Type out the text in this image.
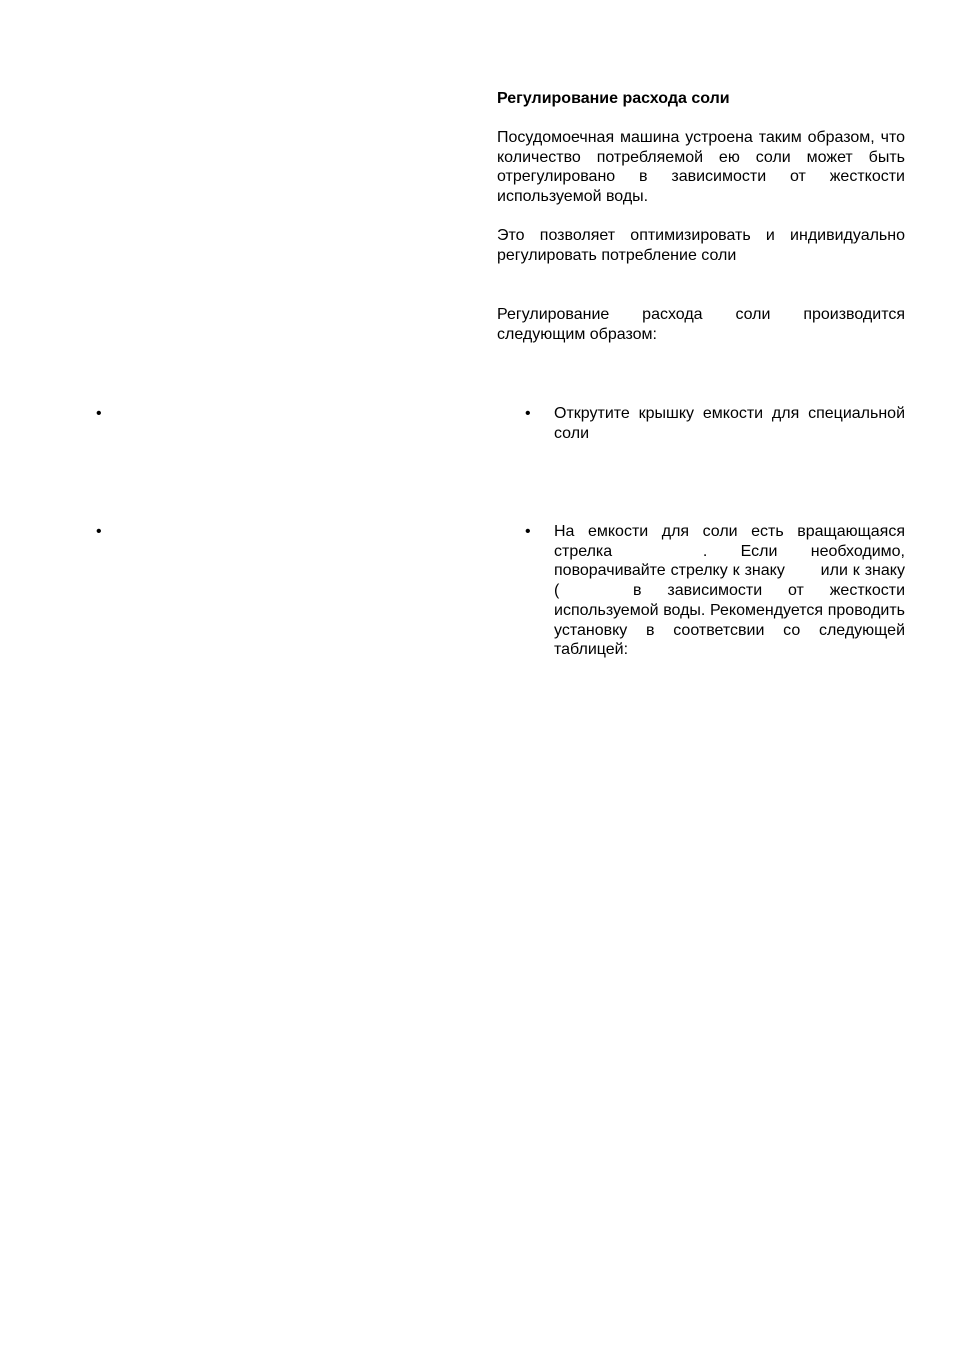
Регулирование расхода соли

Посудомоечная машина устроена таким образом, что количество потребляемой ею соли может быть отрегулировано в зависимости от жесткости используемой воды.

Это позволяет оптимизировать и индивидуально регулировать потребление соли

Регулирование расхода соли производится следующим образом:

•
•
•	Открутите крышку емкости для специальной соли

•	На емкости для соли есть вращающаяся стрелка	. Если необходимо, поворачивайте стрелку к знаку или к знаку (	в зависимости от жесткости используемой воды. Рекомендуется проводить установку в соответсвии со следующей таблицей:
